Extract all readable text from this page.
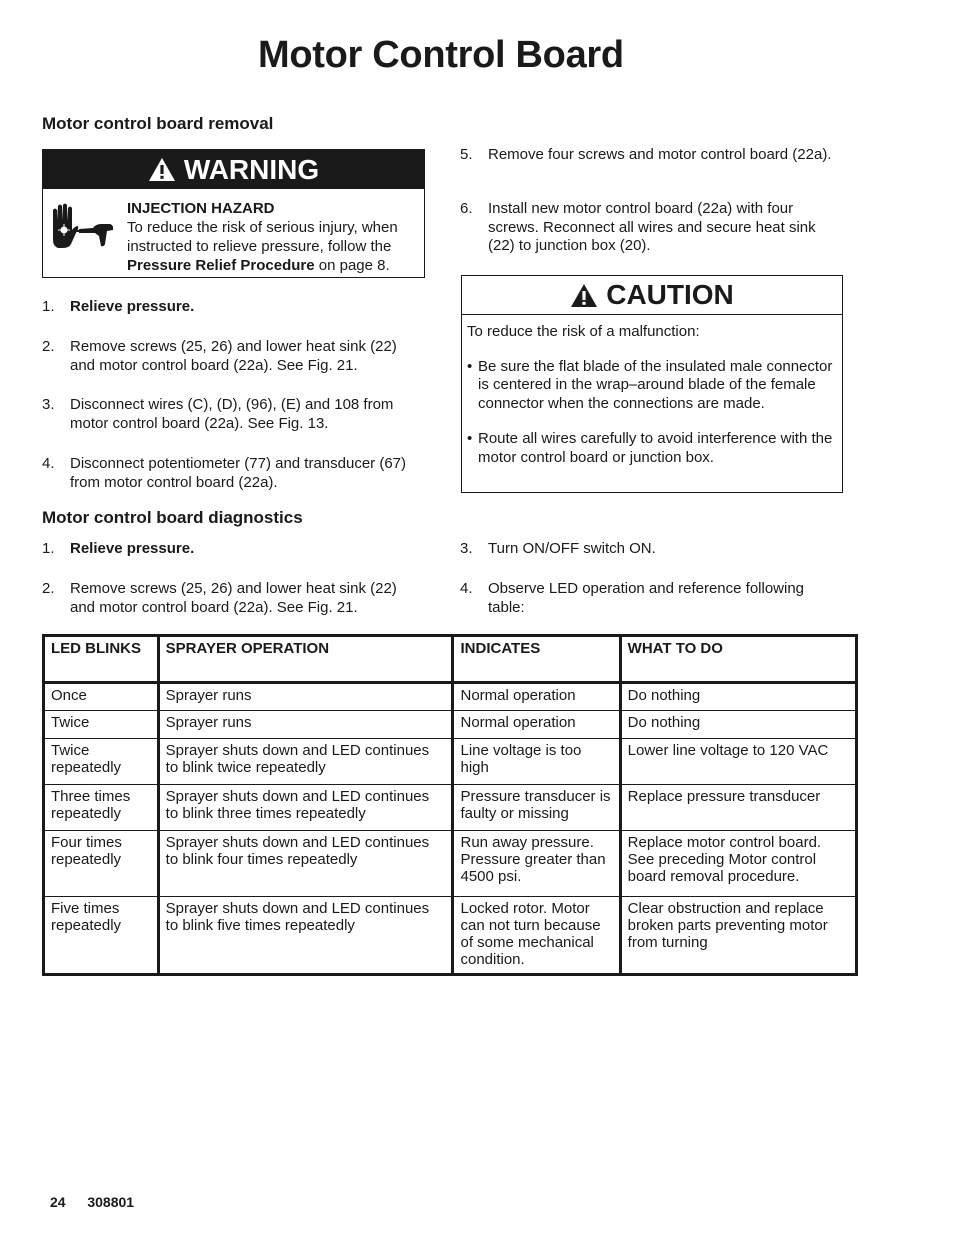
Motor Control Board
Motor control board removal
WARNING
INJECTION HAZARD
To reduce the risk of serious injury, when instructed to relieve pressure, follow the Pressure Relief Procedure on page 8.
1. Relieve pressure.
2. Remove screws (25, 26) and lower heat sink (22) and motor control board (22a). See Fig. 21.
3. Disconnect wires (C), (D), (96), (E) and 108 from motor control board (22a). See Fig. 13.
4. Disconnect potentiometer (77) and transducer (67) from motor control board (22a).
5. Remove four screws and motor control board (22a).
6. Install new motor control board (22a) with four screws. Reconnect all wires and secure heat sink (22) to junction box (20).
CAUTION

To reduce the risk of a malfunction:

• Be sure the flat blade of the insulated male connector is centered in the wrap–around blade of the female connector when the connections are made.

• Route all wires carefully to avoid interference with the motor control board or junction box.

Motor control board diagnostics
1. Relieve pressure.
2. Remove screws (25, 26) and lower heat sink (22) and motor control board (22a). See Fig. 21.
3. Turn ON/OFF switch ON.
4. Observe LED operation and reference following table:
LED BLINKS	SPRAYER OPERATION	INDICATES	WHAT TO DO
Once	Sprayer runs	Normal operation	Do nothing
Twice	Sprayer runs	Normal operation	Do nothing
Twice repeatedly	Sprayer shuts down and LED continues to blink twice repeatedly	Line voltage is too high	Lower line voltage to 120 VAC
Three times repeatedly	Sprayer shuts down and LED continues to blink three times repeatedly	Pressure transducer is faulty or missing	Replace pressure transducer
Four times repeatedly	Sprayer shuts down and LED continues to blink four times repeatedly	Run away pressure. Pressure greater than 4500 psi.	Replace motor control board. See preceding Motor control board removal procedure.
Five times repeatedly	Sprayer shuts down and LED continues to blink five times repeatedly	Locked rotor. Motor can not turn because of some mechanical condition.	Clear obstruction and replace broken parts preventing motor from turning
24 308801
